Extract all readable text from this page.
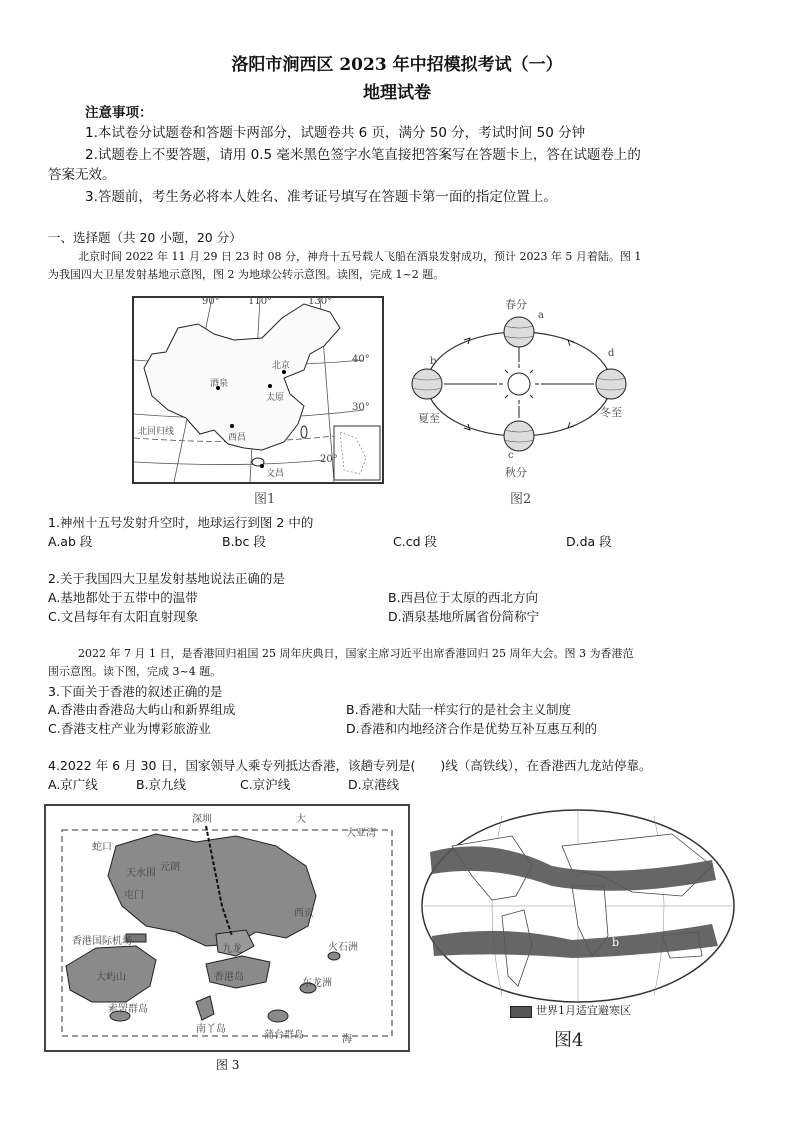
洛阳市涧西区 2023 年中招模拟考试（一）
地理试卷
注意事项：
1.本试卷分试题卷和答题卡两部分，试题卷共 6 页，满分 50 分，考试时间 50 分钟
2.试题卷上不要答题，请用 0.5 毫米黑色签字水笔直接把答案写在答题卡上，答在试题卷上的
答案无效。
3.答题前，考生务必将本人姓名、准考证号填写在答题卡第一面的指定位置上。
一、选择题（共 20 小题，20 分）
北京时间 2022 年 11 月 29 日 23 时 08 分，神舟十五号载人飞船在酒泉发射成功，预计 2023 年 5 月着陆。图 1
为我国四大卫星发射基地示意图，图 2 为地球公转示意图。读图，完成 1~2 题。
90°	110°	130°
40°
30°
20°
北京
酒泉
太原
西昌
文昌
北回归线
图1
春分
夏至
秋分
冬至
a
b
c
d
图2
1.神州十五号发射升空时，地球运行到图 2 中的
A.ab 段	B.bc 段	C.cd 段	D.da 段
2.关于我国四大卫星发射基地说法正确的是
A.基地都处于五带中的温带	B.西昌位于太原的西北方向
C.文昌每年有太阳直射现象	D.酒泉基地所属省份简称宁
2022 年 7 月 1 日，是香港回归祖国 25 周年庆典日，国家主席习近平出席香港回归 25 周年大会。图 3 为香港范
围示意图。读下图，完成 3~4 题。
3.下面关于香港的叙述正确的是
A.香港由香港岛大屿山和新界组成	B.香港和大陆一样实行的是社会主义制度
C.香港支柱产业为博彩旅游业	D.香港和内地经济合作是优势互补互惠互利的
4.2022 年 6 月 30 日，国家领导人乘专列抵达香港，该趟专列是(　　)线（高铁线），在香港西九龙站停靠。
A.京广线	B.京九线	C.京沪线	D.京港线
深圳	大
蛇口
大亚湾
屯门
元朗
天水围
西贡
香港国际机场
大屿山	香港岛
九龙	火石洲
东龙洲
南丫岛
蒲台群岛
索罟群岛
海
图 3
a
b
世界1月适宜避寒区
图4
